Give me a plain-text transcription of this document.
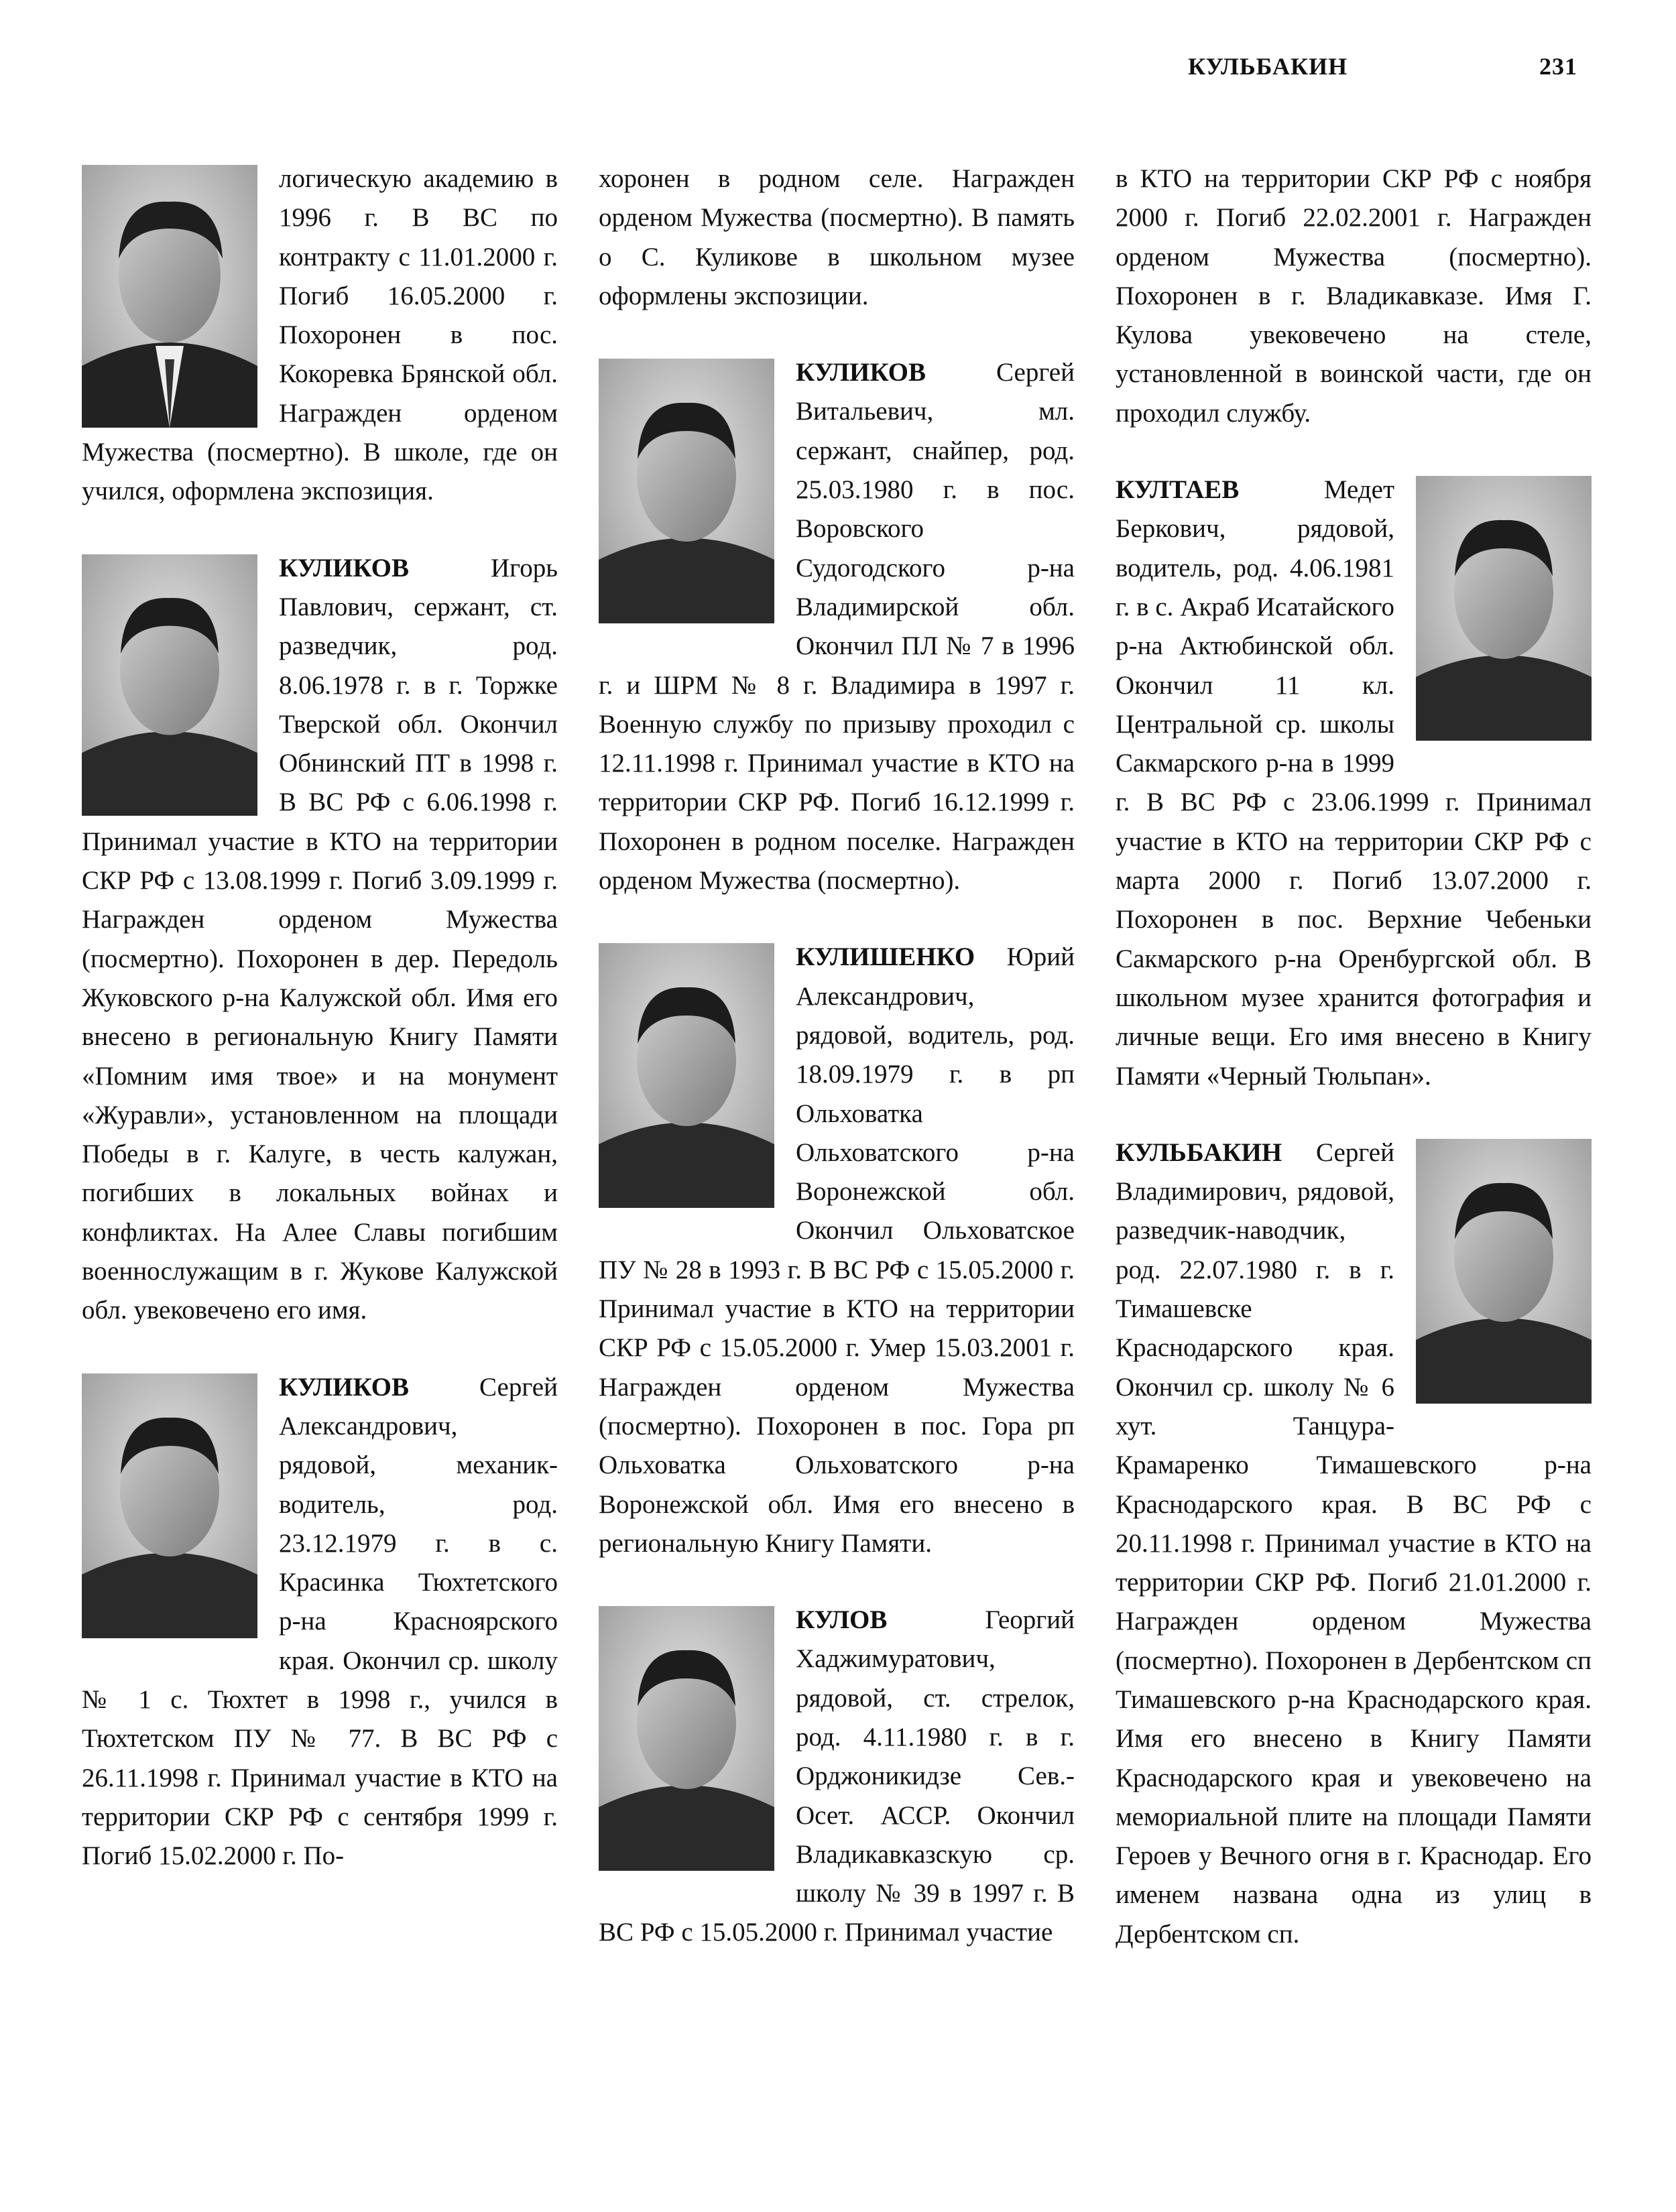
КУЛЬБАКИН	231
логическую академию в 1996 г. В ВС по контракту с 11.01.2000 г. Погиб 16.05.2000 г. Похоронен в пос. Кокоревка Брянской обл. Награжден орденом Мужества (посмертно). В школе, где он учился, оформлена экспозиция.
КУЛИКОВ
Игорь Павлович, сержант, ст. разведчик, род. 8.06.1978 г. в г. Торжке Тверской обл. Окончил Обнинский ПТ в 1998 г. В ВС РФ с 6.06.1998 г. Принимал участие в КТО на территории СКР РФ с 13.08.1999 г. Погиб 3.09.1999 г. Награжден орденом Мужества (посмертно). Похоронен в дер. Передоль Жуковского р-на Калужской обл. Имя его внесено в региональную Книгу Памяти «Помним имя твое» и на монумент «Журавли», установленном на площади Победы в г. Калуге, в честь калужан, погибших в локальных войнах и конфликтах. На Алее Славы погибшим военнослужащим в г. Жукове Калужской обл. увековечено его имя.
КУЛИКОВ
Сергей Александрович, рядовой, механик-водитель, род. 23.12.1979 г. в с. Красинка Тюхтетского р-на Красноярского края. Окончил ср. школу № 1 с. Тюхтет в 1998 г., учился в Тюхтетском ПУ № 77. В ВС РФ с 26.11.1998 г. Принимал участие в КТО на территории СКР РФ с сентября 1999 г. Погиб 15.02.2000 г. По-
хоронен в родном селе. Награжден орденом Мужества (посмертно). В память о С. Куликове в школьном музее оформлены экспозиции.
КУЛИКОВ
Сергей Витальевич, мл. сержант, снайпер, род. 25.03.1980 г. в пос. Воровского Судогодского р-на Владимирской обл. Окончил ПЛ № 7 в 1996 г. и ШРМ № 8 г. Владимира в 1997 г. Военную службу по призыву проходил с 12.11.1998 г. Принимал участие в КТО на территории СКР РФ. Погиб 16.12.1999 г. Похоронен в родном поселке. Награжден орденом Мужества (посмертно).
КУЛИШЕНКО
Юрий Александрович, рядовой, водитель, род. 18.09.1979 г. в рп Ольховатка Ольховатского р-на Воронежской обл. Окончил Ольховатское ПУ № 28 в 1993 г. В ВС РФ с 15.05.2000 г. Принимал участие в КТО на территории СКР РФ с 15.05.2000 г. Умер 15.03.2001 г. Награжден орденом Мужества (посмертно). Похоронен в пос. Гора рп Ольховатка Ольховатского р-на Воронежской обл. Имя его внесено в региональную Книгу Памяти.
КУЛОВ
Георгий Хаджимуратович, рядовой, ст. стрелок, род. 4.11.1980 г. в г. Орджоникидзе Сев.-Осет. АССР. Окончил Владикавказскую ср. школу № 39 в 1997 г. В ВС РФ с 15.05.2000 г. Принимал участие
в КТО на территории СКР РФ с ноября 2000 г. Погиб 22.02.2001 г. Награжден орденом Мужества (посмертно). Похоронен в г. Владикавказе. Имя Г. Кулова увековечено на стеле, установленной в воинской части, где он проходил службу.
КУЛТАЕВ
Медет Беркович, рядовой, водитель, род. 4.06.1981 г. в с. Акраб Исатайского р-на Актюбинской обл. Окончил 11 кл. Центральной ср. школы Сакмарского р-на в 1999 г. В ВС РФ с 23.06.1999 г. Принимал участие в КТО на территории СКР РФ с марта 2000 г. Погиб 13.07.2000 г. Похоронен в пос. Верхние Чебеньки Сакмарского р-на Оренбургской обл. В школьном музее хранится фотография и личные вещи. Его имя внесено в Книгу Памяти «Черный Тюльпан».
КУЛЬБАКИН
Сергей Владимирович, рядовой, разведчик-наводчик, род. 22.07.1980 г. в г. Тимашевске Краснодарского края. Окончил ср. школу № 6 хут. Танцура-Крамаренко Тимашевского р-на Краснодарского края. В ВС РФ с 20.11.1998 г. Принимал участие в КТО на территории СКР РФ. Погиб 21.01.2000 г. Награжден орденом Мужества (посмертно). Похоронен в Дербентском сп Тимашевского р-на Краснодарского края. Имя его внесено в Книгу Памяти Краснодарского края и увековечено на мемориальной плите на площади Памяти Героев у Вечного огня в г. Краснодар. Его именем названа одна из улиц в Дербентском сп.
